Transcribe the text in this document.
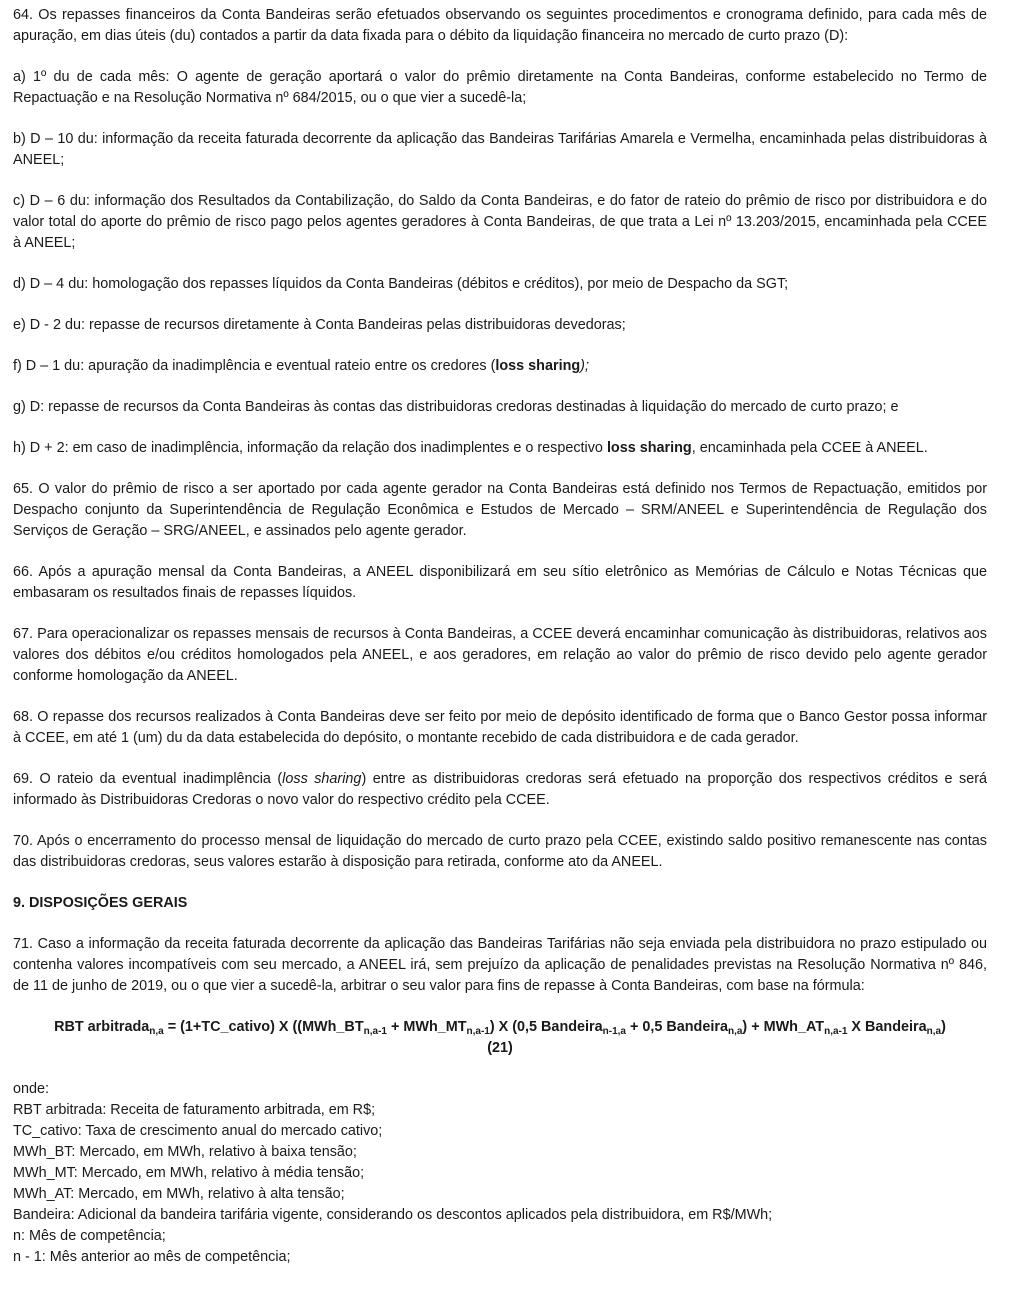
64. Os repasses financeiros da Conta Bandeiras serão efetuados observando os seguintes procedimentos e cronograma definido, para cada mês de apuração, em dias úteis (du) contados a partir da data fixada para o débito da liquidação financeira no mercado de curto prazo (D):

a) 1º du de cada mês: O agente de geração aportará o valor do prêmio diretamente na Conta Bandeiras, conforme estabelecido no Termo de Repactuação e na Resolução Normativa nº 684/2015, ou o que vier a sucedê-la;

b) D – 10 du: informação da receita faturada decorrente da aplicação das Bandeiras Tarifárias Amarela e Vermelha, encaminhada pelas distribuidoras à ANEEL;

c) D – 6 du: informação dos Resultados da Contabilização, do Saldo da Conta Bandeiras, e do fator de rateio do prêmio de risco por distribuidora e do valor total do aporte do prêmio de risco pago pelos agentes geradores à Conta Bandeiras, de que trata a Lei nº 13.203/2015, encaminhada pela CCEE à ANEEL;

d) D – 4 du: homologação dos repasses líquidos da Conta Bandeiras (débitos e créditos), por meio de Despacho da SGT;

e) D - 2 du: repasse de recursos diretamente à Conta Bandeiras pelas distribuidoras devedoras;

f) D – 1 du: apuração da inadimplência e eventual rateio entre os credores (loss sharing);

g) D: repasse de recursos da Conta Bandeiras às contas das distribuidoras credoras destinadas à liquidação do mercado de curto prazo; e

h) D + 2: em caso de inadimplência, informação da relação dos inadimplentes e o respectivo loss sharing, encaminhada pela CCEE à ANEEL.

65. O valor do prêmio de risco a ser aportado por cada agente gerador na Conta Bandeiras está definido nos Termos de Repactuação, emitidos por Despacho conjunto da Superintendência de Regulação Econômica e Estudos de Mercado – SRM/ANEEL e Superintendência de Regulação dos Serviços de Geração – SRG/ANEEL, e assinados pelo agente gerador.

66. Após a apuração mensal da Conta Bandeiras, a ANEEL disponibilizará em seu sítio eletrônico as Memórias de Cálculo e Notas Técnicas que embasaram os resultados finais de repasses líquidos.

67. Para operacionalizar os repasses mensais de recursos à Conta Bandeiras, a CCEE deverá encaminhar comunicação às distribuidoras, relativos aos valores dos débitos e/ou créditos homologados pela ANEEL, e aos geradores, em relação ao valor do prêmio de risco devido pelo agente gerador conforme homologação da ANEEL.

68. O repasse dos recursos realizados à Conta Bandeiras deve ser feito por meio de depósito identificado de forma que o Banco Gestor possa informar à CCEE, em até 1 (um) du da data estabelecida do depósito, o montante recebido de cada distribuidora e de cada gerador.

69. O rateio da eventual inadimplência (loss sharing) entre as distribuidoras credoras será efetuado na proporção dos respectivos créditos e será informado às Distribuidoras Credoras o novo valor do respectivo crédito pela CCEE.

70. Após o encerramento do processo mensal de liquidação do mercado de curto prazo pela CCEE, existindo saldo positivo remanescente nas contas das distribuidoras credoras, seus valores estarão à disposição para retirada, conforme ato da ANEEL.

9. DISPOSIÇÕES GERAIS

71. Caso a informação da receita faturada decorrente da aplicação das Bandeiras Tarifárias não seja enviada pela distribuidora no prazo estipulado ou contenha valores incompatíveis com seu mercado, a ANEEL irá, sem prejuízo da aplicação de penalidades previstas na Resolução Normativa nº 846, de 11 de junho de 2019, ou o que vier a sucedê-la, arbitrar o seu valor para fins de repasse à Conta Bandeiras, com base na fórmula:

RBT arbitrada$_{n,a}$ = (1+TC_cativo) X (($MWh\_BT_{n,a-1}$ + $MWh\_MT_{n,a-1}$) X (0,5 Bandeira$_{n-1,a}$ + 0,5 Bandeira$_{n,a}$) + $MWh\_AT_{n,a-1}$ X Bandeira$_{n,a}$)
(21)
onde:
RBT arbitrada: Receita de faturamento arbitrada, em R$;
TC_cativo: Taxa de crescimento anual do mercado cativo;
MWh_BT: Mercado, em MWh, relativo à baixa tensão;
MWh_MT: Mercado, em MWh, relativo à média tensão;
MWh_AT: Mercado, em MWh, relativo à alta tensão;
Bandeira: Adicional da bandeira tarifária vigente, considerando os descontos aplicados pela distribuidora, em R$/MWh;
n: Mês de competência;
n - 1: Mês anterior ao mês de competência;
